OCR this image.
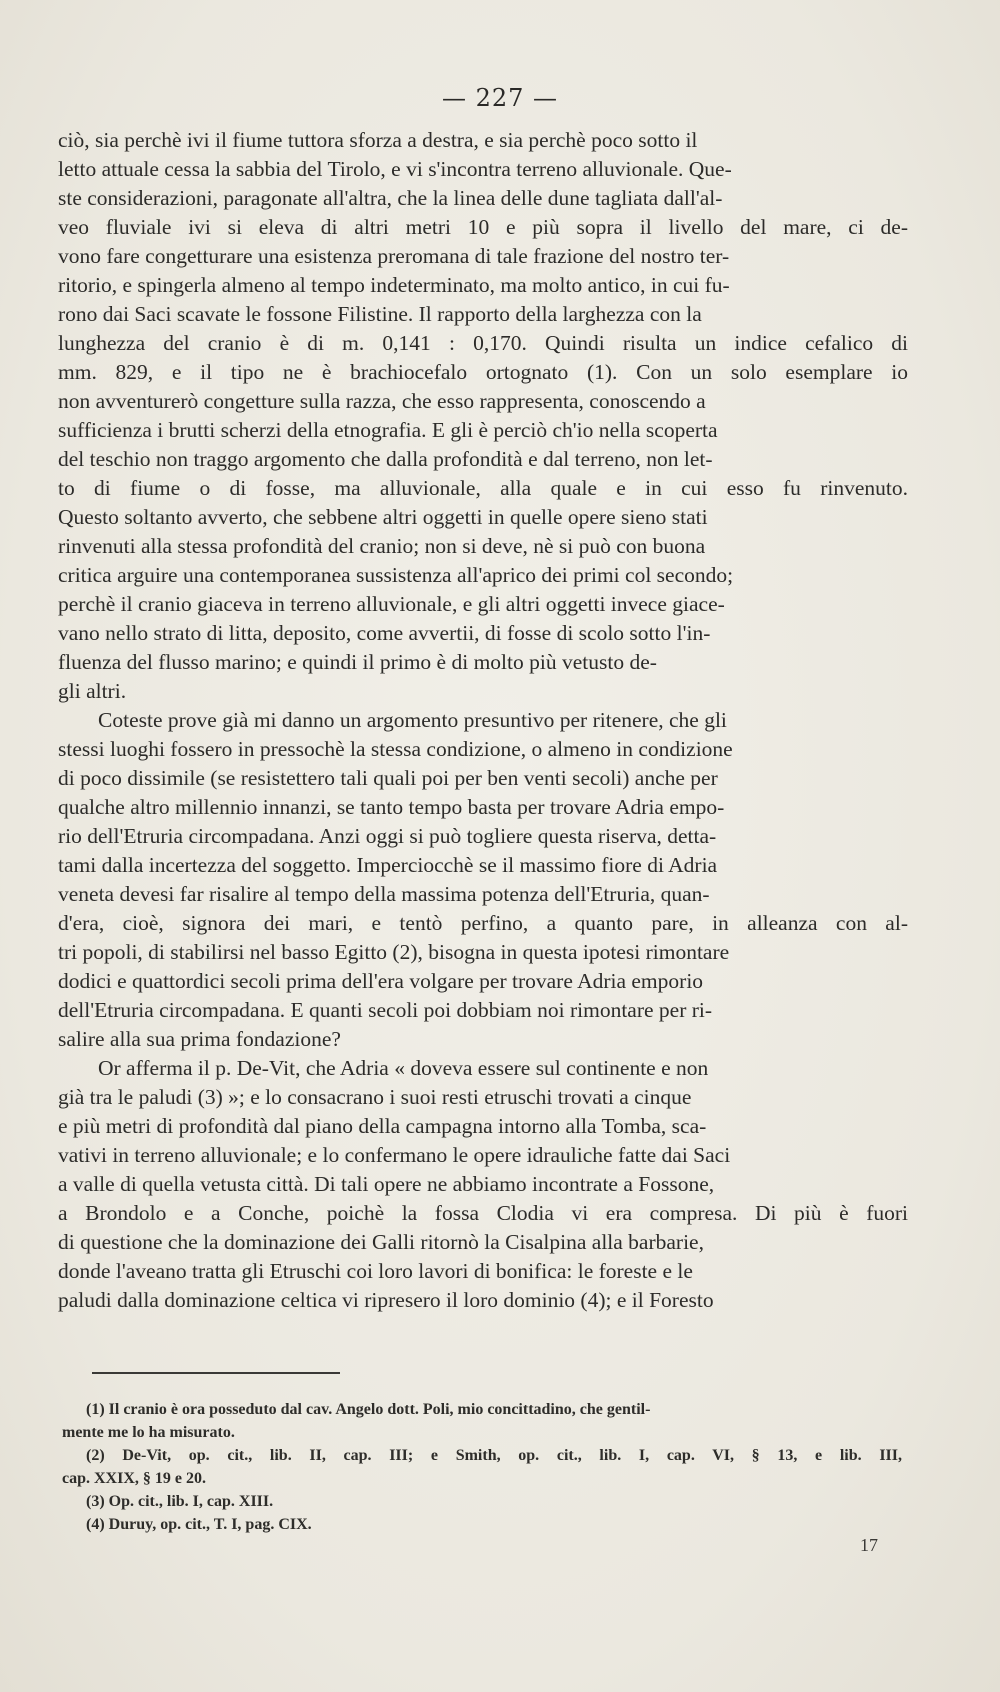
— 227 —
ciò, sia perchè ivi il fiume tuttora sforza a destra, e sia perchè poco sotto il
letto attuale cessa la sabbia del Tirolo, e vi s'incontra terreno alluvionale. Que-
ste considerazioni, paragonate all'altra, che la linea delle dune tagliata dall'al-
veo fluviale ivi si eleva di altri metri 10 e più sopra il livello del mare, ci de-
vono fare congetturare una esistenza preromana di tale frazione del nostro ter-
ritorio, e spingerla almeno al tempo indeterminato, ma molto antico, in cui fu-
rono dai Saci scavate le fossone Filistine. Il rapporto della larghezza con la
lunghezza del cranio è di m. 0,141 : 0,170. Quindi risulta un indice cefalico di
mm. 829, e il tipo ne è brachiocefalo ortognato (1). Con un solo esemplare io
non avventurerò congetture sulla razza, che esso rappresenta, conoscendo a
sufficienza i brutti scherzi della etnografia. E gli è perciò ch'io nella scoperta
del teschio non traggo argomento che dalla profondità e dal terreno, non let-
to di fiume o di fosse, ma alluvionale, alla quale e in cui esso fu rinvenuto.
Questo soltanto avverto, che sebbene altri oggetti in quelle opere sieno stati
rinvenuti alla stessa profondità del cranio; non si deve, nè si può con buona
critica arguire una contemporanea sussistenza all'aprico dei primi col secondo;
perchè il cranio giaceva in terreno alluvionale, e gli altri oggetti invece giace-
vano nello strato di litta, deposito, come avvertii, di fosse di scolo sotto l'in-
fluenza del flusso marino; e quindi il primo è di molto più vetusto de-
gli altri.
Coteste prove già mi danno un argomento presuntivo per ritenere, che gli
stessi luoghi fossero in pressochè la stessa condizione, o almeno in condizione
di poco dissimile (se resistettero tali quali poi per ben venti secoli) anche per
qualche altro millennio innanzi, se tanto tempo basta per trovare Adria empo-
rio dell'Etruria circompadana. Anzi oggi si può togliere questa riserva, detta-
tami dalla incertezza del soggetto. Imperciocchè se il massimo fiore di Adria
veneta devesi far risalire al tempo della massima potenza dell'Etruria, quan-
d'era, cioè, signora dei mari, e tentò perfino, a quanto pare, in alleanza con al-
tri popoli, di stabilirsi nel basso Egitto (2), bisogna in questa ipotesi rimontare
dodici e quattordici secoli prima dell'era volgare per trovare Adria emporio
dell'Etruria circompadana. E quanti secoli poi dobbiam noi rimontare per ri-
salire alla sua prima fondazione?
Or afferma il p. De-Vit, che Adria « doveva essere sul continente e non
già tra le paludi (3) »; e lo consacrano i suoi resti etruschi trovati a cinque
e più metri di profondità dal piano della campagna intorno alla Tomba, sca-
vativi in terreno alluvionale; e lo confermano le opere idrauliche fatte dai Saci
a valle di quella vetusta città. Di tali opere ne abbiamo incontrate a Fossone,
a Brondolo e a Conche, poichè la fossa Clodia vi era compresa. Di più è fuori
di questione che la dominazione dei Galli ritornò la Cisalpina alla barbarie,
donde l'aveano tratta gli Etruschi coi loro lavori di bonifica: le foreste e le
paludi dalla dominazione celtica vi ripresero il loro dominio (4); e il Foresto
(1) Il cranio è ora posseduto dal cav. Angelo dott. Poli, mio concittadino, che gentil-
mente me lo ha misurato.
(2) De-Vit, op. cit., lib. II, cap. III; e Smith, op. cit., lib. I, cap. VI, § 13, e lib. III,
cap. XXIX, § 19 e 20.
(3) Op. cit., lib. I, cap. XIII.
(4) Duruy, op. cit., T. I, pag. CIX.
17
